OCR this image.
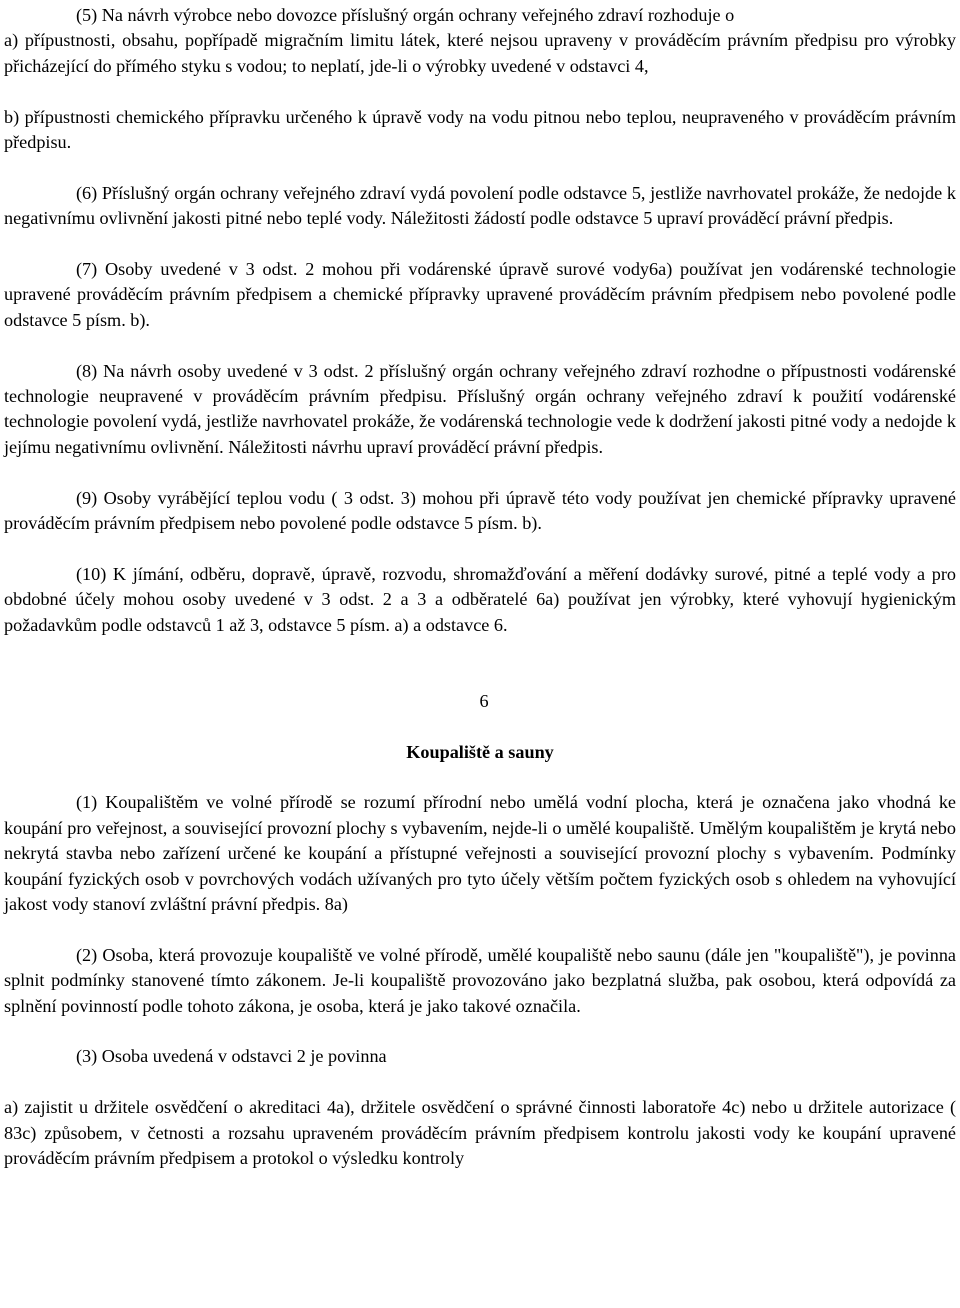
(5) Na návrh výrobce nebo dovozce příslušný orgán ochrany veřejného zdraví rozhoduje o

a) přípustnosti, obsahu, popřípadě migračním limitu látek, které nejsou upraveny v prováděcím právním předpisu pro výrobky přicházející do přímého styku s vodou; to neplatí, jde-li o výrobky uvedené v odstavci 4,

b) přípustnosti chemického přípravku určeného k úpravě vody na vodu pitnou nebo teplou, neupraveného v prováděcím právním předpisu.

(6) Příslušný orgán ochrany veřejného zdraví vydá povolení podle odstavce 5, jestliže navrhovatel prokáže, že nedojde k negativnímu ovlivnění jakosti pitné nebo teplé vody. Náležitosti žádostí podle odstavce 5 upraví prováděcí právní předpis.

(7) Osoby uvedené v 3 odst. 2 mohou při vodárenské úpravě surové vody6a) používat jen vodárenské technologie upravené prováděcím právním předpisem a chemické přípravky upravené prováděcím právním předpisem nebo povolené podle odstavce 5 písm. b).

(8) Na návrh osoby uvedené v 3 odst. 2 příslušný orgán ochrany veřejného zdraví rozhodne o přípustnosti vodárenské technologie neupravené v prováděcím právním předpisu. Příslušný orgán ochrany veřejného zdraví k použití vodárenské technologie povolení vydá, jestliže navrhovatel prokáže, že vodárenská technologie vede k dodržení jakosti pitné vody a nedojde k jejímu negativnímu ovlivnění. Náležitosti návrhu upraví prováděcí právní předpis.

(9) Osoby vyrábějící teplou vodu ( 3 odst. 3) mohou při úpravě této vody používat jen chemické přípravky upravené prováděcím právním předpisem nebo povolené podle odstavce 5 písm. b).

(10) K jímání, odběru, dopravě, úpravě, rozvodu, shromažďování a měření dodávky surové, pitné a teplé vody a pro obdobné účely mohou osoby uvedené v 3 odst. 2 a 3 a odběratelé 6a) používat jen výrobky, které vyhovují hygienickým požadavkům podle odstavců 1 až 3, odstavce 5 písm. a) a odstavce 6.

6

Koupaliště a sauny

(1) Koupalištěm ve volné přírodě se rozumí přírodní nebo umělá vodní plocha, která je označena jako vhodná ke koupání pro veřejnost, a související provozní plochy s vybavením, nejde-li o umělé koupaliště. Umělým koupalištěm je krytá nebo nekrytá stavba nebo zařízení určené ke koupání a přístupné veřejnosti a související provozní plochy s vybavením. Podmínky koupání fyzických osob v povrchových vodách užívaných pro tyto účely větším počtem fyzických osob s ohledem na vyhovující jakost vody stanoví zvláštní právní předpis. 8a)

(2) Osoba, která provozuje koupaliště ve volné přírodě, umělé koupaliště nebo saunu (dále jen "koupaliště"), je povinna splnit podmínky stanovené tímto zákonem. Je-li koupaliště provozováno jako bezplatná služba, pak osobou, která odpovídá za splnění povinností podle tohoto zákona, je osoba, která je jako takové označila.

(3) Osoba uvedená v odstavci 2 je povinna

a) zajistit u držitele osvědčení o akreditaci 4a), držitele osvědčení o správné činnosti laboratoře 4c) nebo u držitele autorizace ( 83c) způsobem, v četnosti a rozsahu upraveném prováděcím právním předpisem kontrolu jakosti vody ke koupání upravené prováděcím právním předpisem a protokol o výsledku kontroly
